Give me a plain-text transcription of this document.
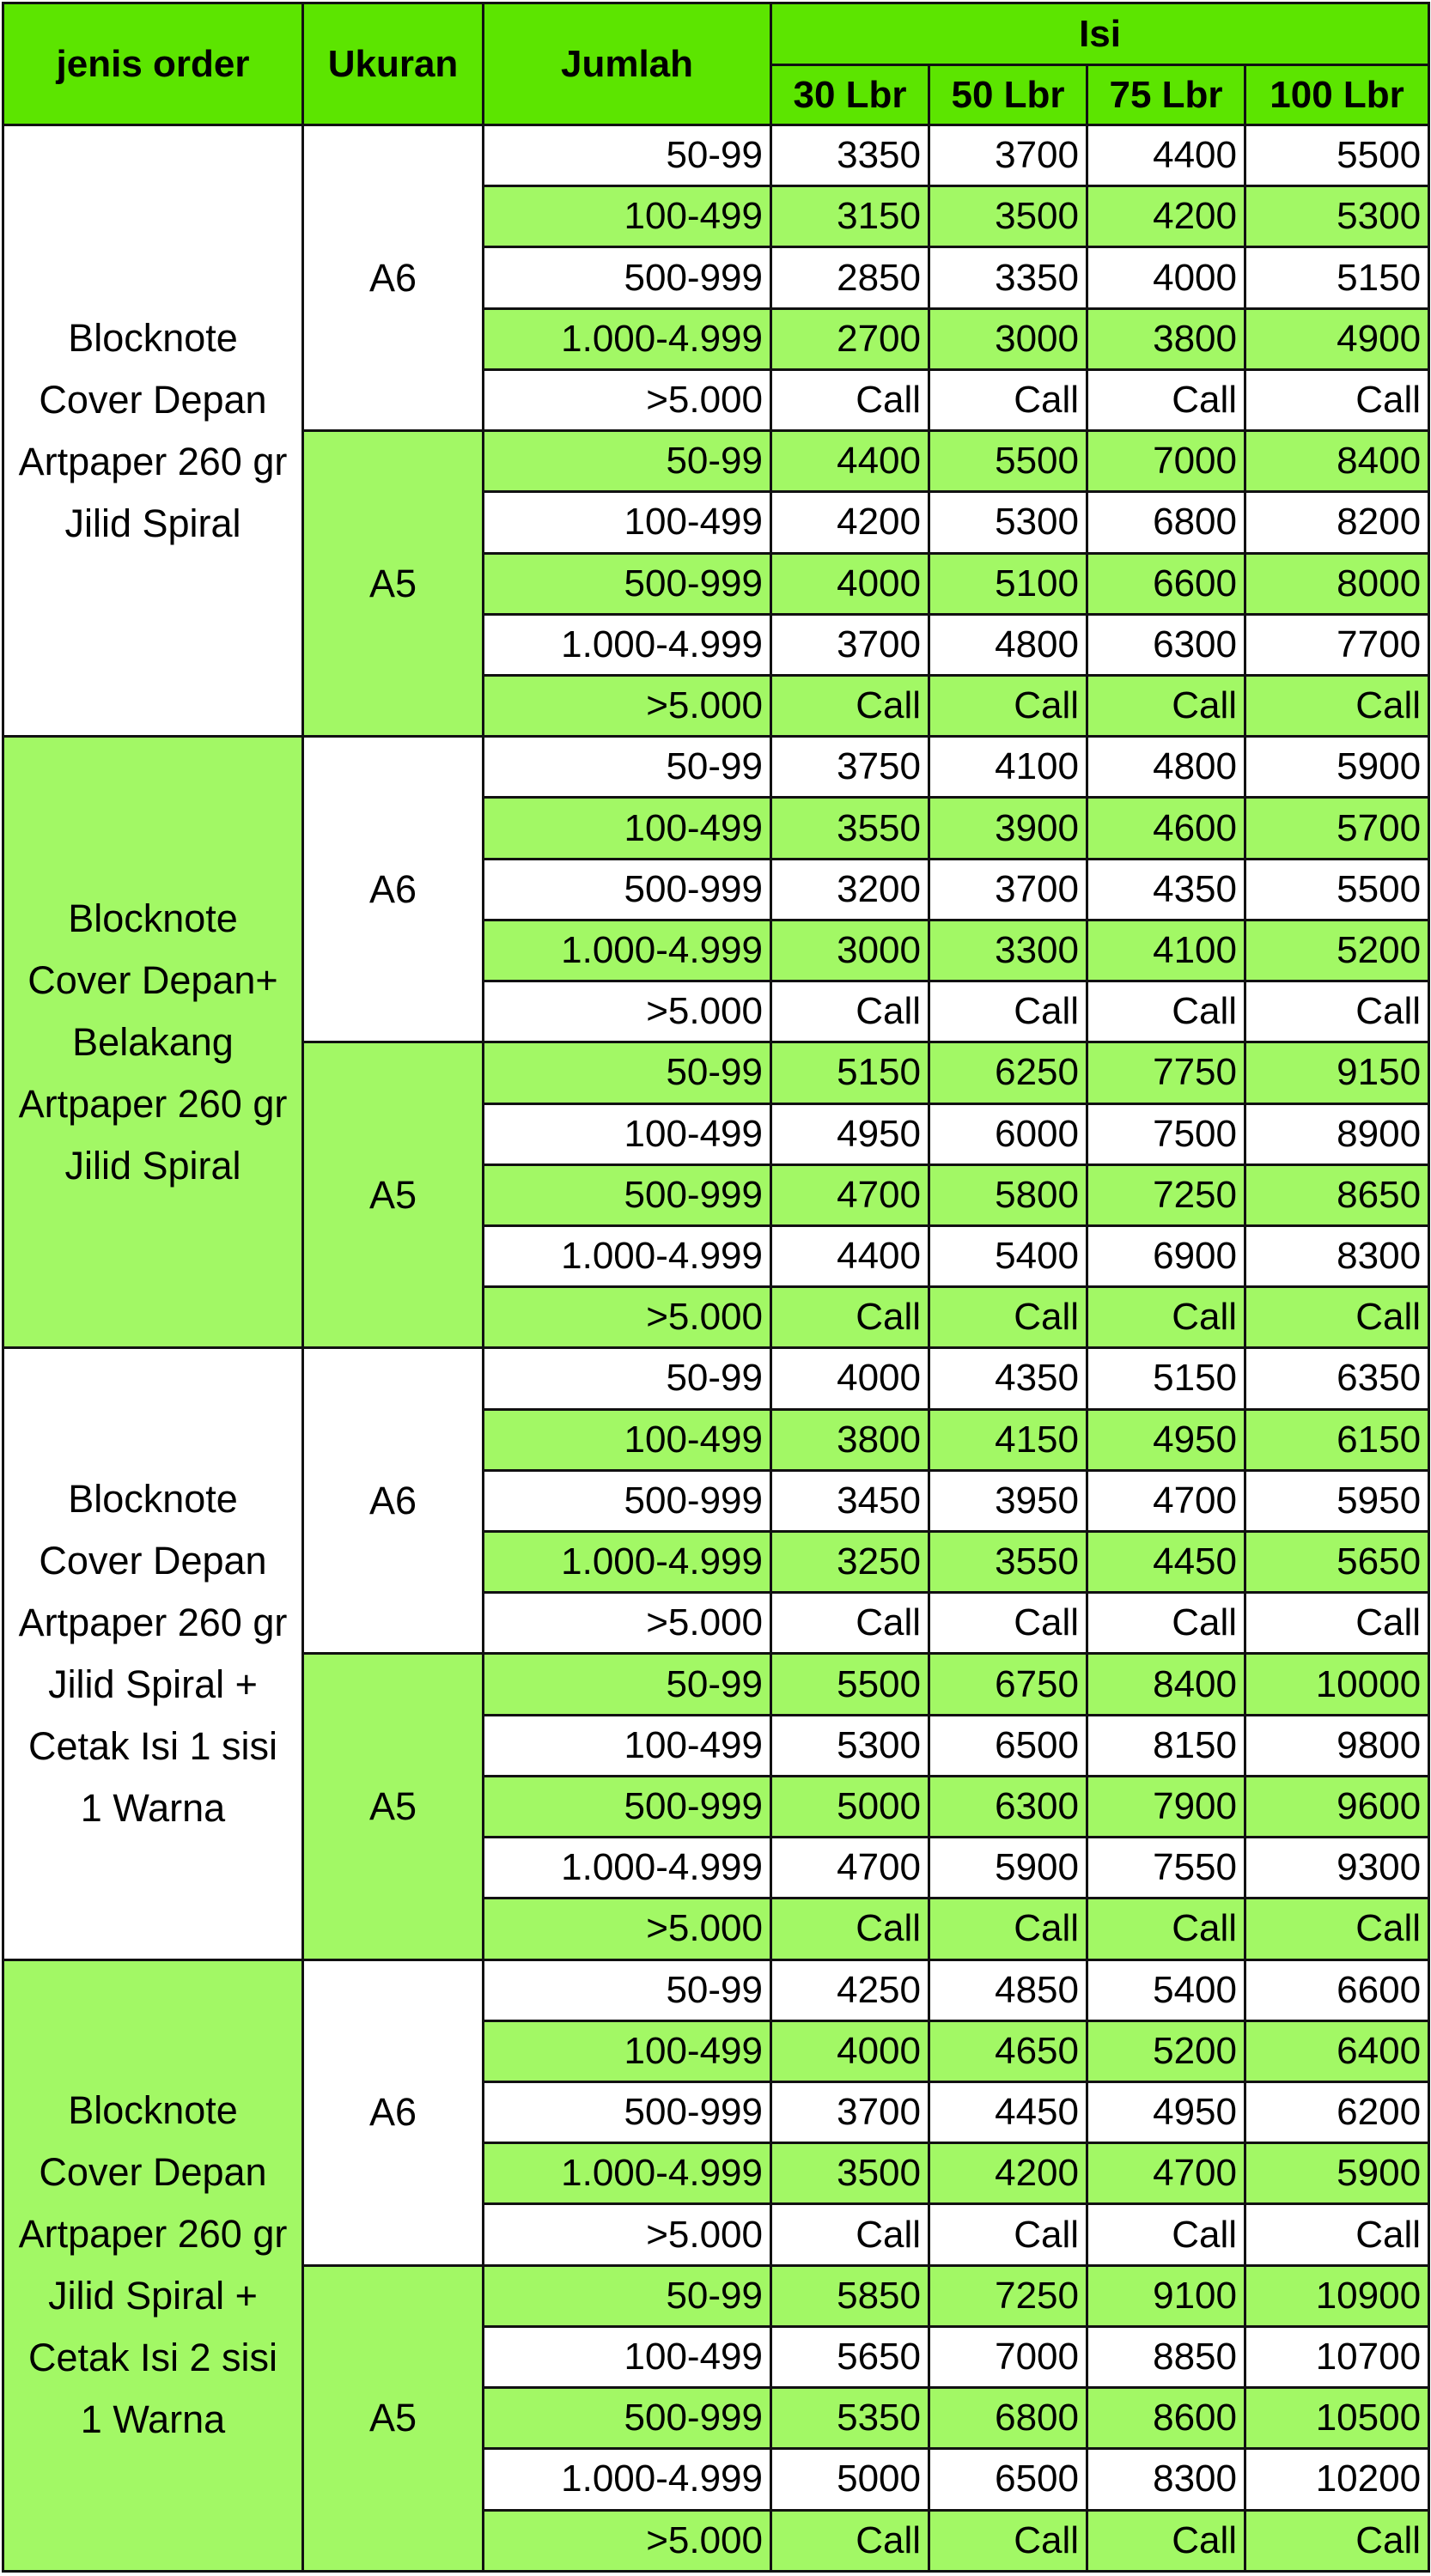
jenis order	Ukuran	Jumlah	Isi			
			30 Lbr	50 Lbr	75 Lbr	100 Lbr
Blocknote Cover Depan Artpaper 260 gr Jilid Spiral	A6	50-99	3350	3700	4400	5500
		100-499	3150	3500	4200	5300
		500-999	2850	3350	4000	5150
		1.000-4.999	2700	3000	3800	4900
		>5.000	Call	Call	Call	Call
	A5	50-99	4400	5500	7000	8400
		100-499	4200	5300	6800	8200
		500-999	4000	5100	6600	8000
		1.000-4.999	3700	4800	6300	7700
		>5.000	Call	Call	Call	Call
Blocknote Cover Depan+ Belakang Artpaper 260 gr Jilid Spiral	A6	50-99	3750	4100	4800	5900
		100-499	3550	3900	4600	5700
		500-999	3200	3700	4350	5500
		1.000-4.999	3000	3300	4100	5200
		>5.000	Call	Call	Call	Call
	A5	50-99	5150	6250	7750	9150
		100-499	4950	6000	7500	8900
		500-999	4700	5800	7250	8650
		1.000-4.999	4400	5400	6900	8300
		>5.000	Call	Call	Call	Call
Blocknote Cover Depan Artpaper 260 gr Jilid Spiral + Cetak Isi 1 sisi 1 Warna	A6	50-99	4000	4350	5150	6350
		100-499	3800	4150	4950	6150
		500-999	3450	3950	4700	5950
		1.000-4.999	3250	3550	4450	5650
		>5.000	Call	Call	Call	Call
	A5	50-99	5500	6750	8400	10000
		100-499	5300	6500	8150	9800
		500-999	5000	6300	7900	9600
		1.000-4.999	4700	5900	7550	9300
		>5.000	Call	Call	Call	Call
Blocknote Cover Depan Artpaper 260 gr Jilid Spiral + Cetak Isi 2 sisi 1 Warna	A6	50-99	4250	4850	5400	6600
		100-499	4000	4650	5200	6400
		500-999	3700	4450	4950	6200
		1.000-4.999	3500	4200	4700	5900
		>5.000	Call	Call	Call	Call
	A5	50-99	5850	7250	9100	10900
		100-499	5650	7000	8850	10700
		500-999	5350	6800	8600	10500
		1.000-4.999	5000	6500	8300	10200
		>5.000	Call	Call	Call	Call
